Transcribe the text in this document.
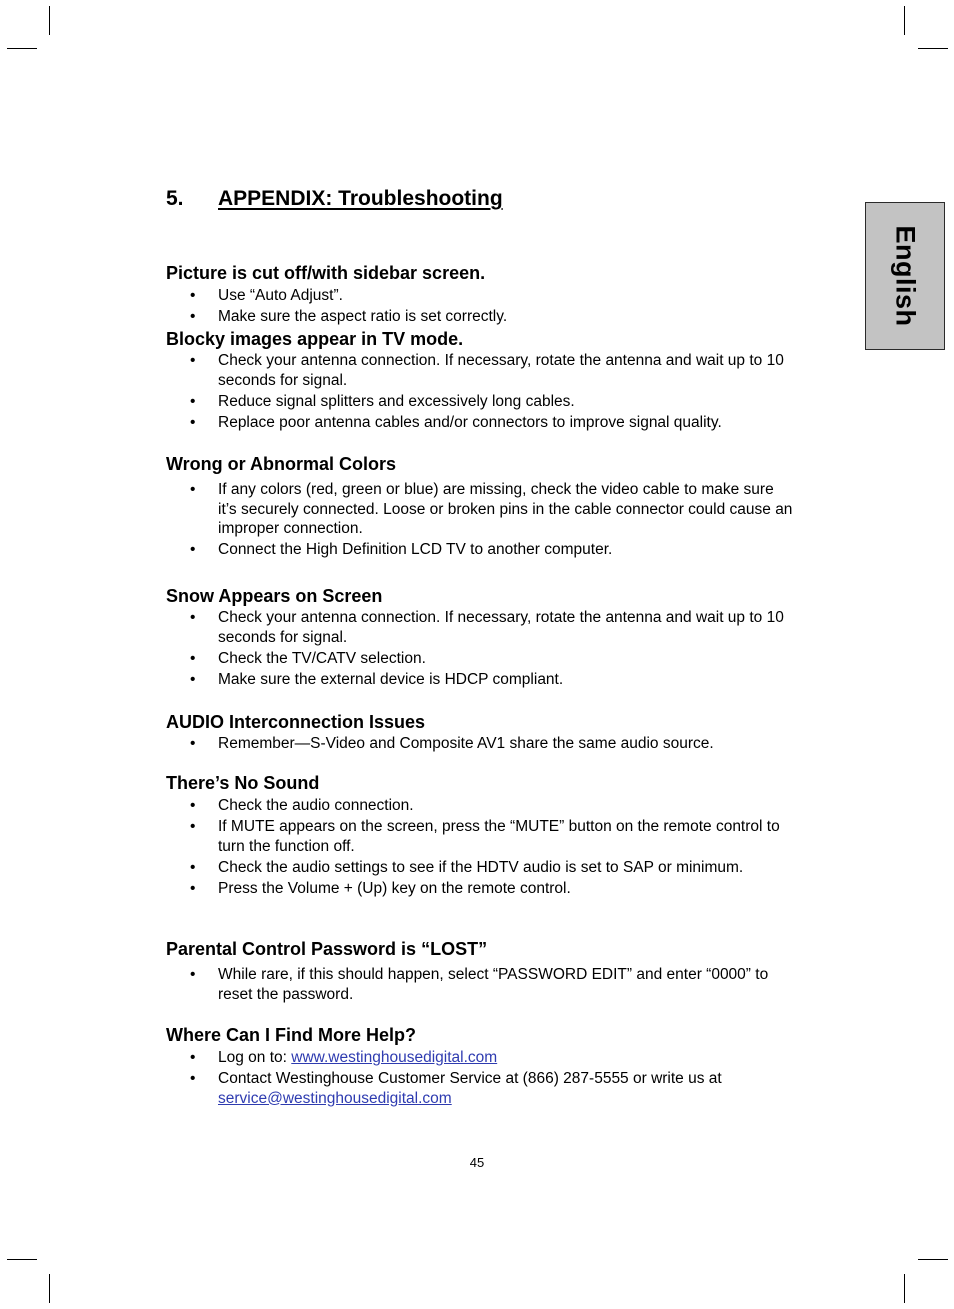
English
5. APPENDIX: Troubleshooting
Picture is cut off/with sidebar screen.
• Use “Auto Adjust”.
• Make sure the aspect ratio is set correctly.
Blocky images appear in TV mode.
• Check your antenna connection. If necessary, rotate the antenna and wait up to 10 seconds for signal.
• Reduce signal splitters and excessively long cables.
• Replace poor antenna cables and/or connectors to improve signal quality.
Wrong or Abnormal Colors
• If any colors (red, green or blue) are missing, check the video cable to make sure it’s securely connected. Loose or broken pins in the cable connector could cause an improper connection.
• Connect the High Definition LCD TV to another computer.
Snow Appears on Screen
• Check your antenna connection. If necessary, rotate the antenna and wait up to 10 seconds for signal.
• Check the TV/CATV selection.
• Make sure the external device is HDCP compliant.
AUDIO Interconnection Issues
• Remember—S-Video and Composite AV1 share the same audio source.
There’s No Sound
• Check the audio connection.
• If MUTE appears on the screen, press the “MUTE” button on the remote control to turn the function off.
• Check the audio settings to see if the HDTV audio is set to SAP or minimum.
• Press the Volume + (Up) key on the remote control.
Parental Control Password is “LOST”
• While rare, if this should happen, select “PASSWORD EDIT” and enter “0000” to reset the password.
Where Can I Find More Help?
• Log on to: www.westinghousedigital.com
• Contact Westinghouse Customer Service at (866) 287-5555 or write us at service@westinghousedigital.com
45
